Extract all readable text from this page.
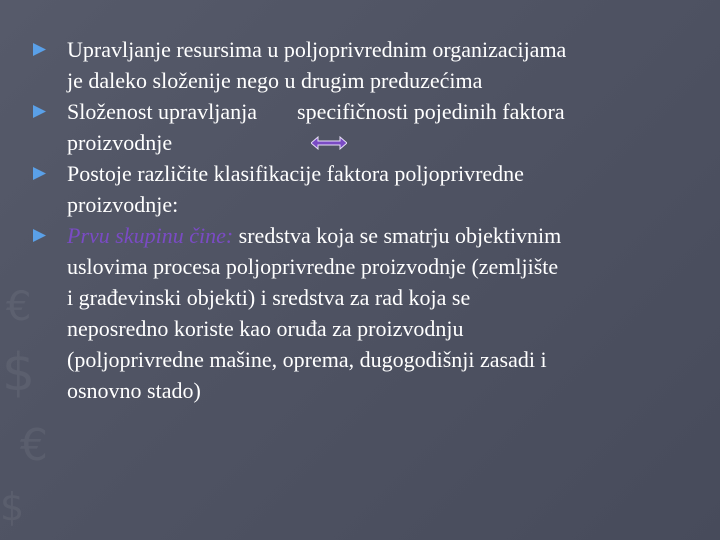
€
$
€
$
Upravljanje resursima u poljoprivrednim organizacijama
je daleko složenije nego u drugim preduzećima
Složenost upravljanja specifičnosti pojedinih faktora
proizvodnje
Postoje različite klasifikacije faktora poljoprivredne
proizvodnje:
Prvu skupinu čine: sredstva koja se smatrju objektivnim
uslovima procesa poljoprivredne proizvodnje (zemljište
i građevinski objekti) i sredstva za rad koja se
neposredno koriste kao oruđa za proizvodnju
(poljoprivredne mašine, oprema, dugogodišnji zasadi i
osnovno stado)
